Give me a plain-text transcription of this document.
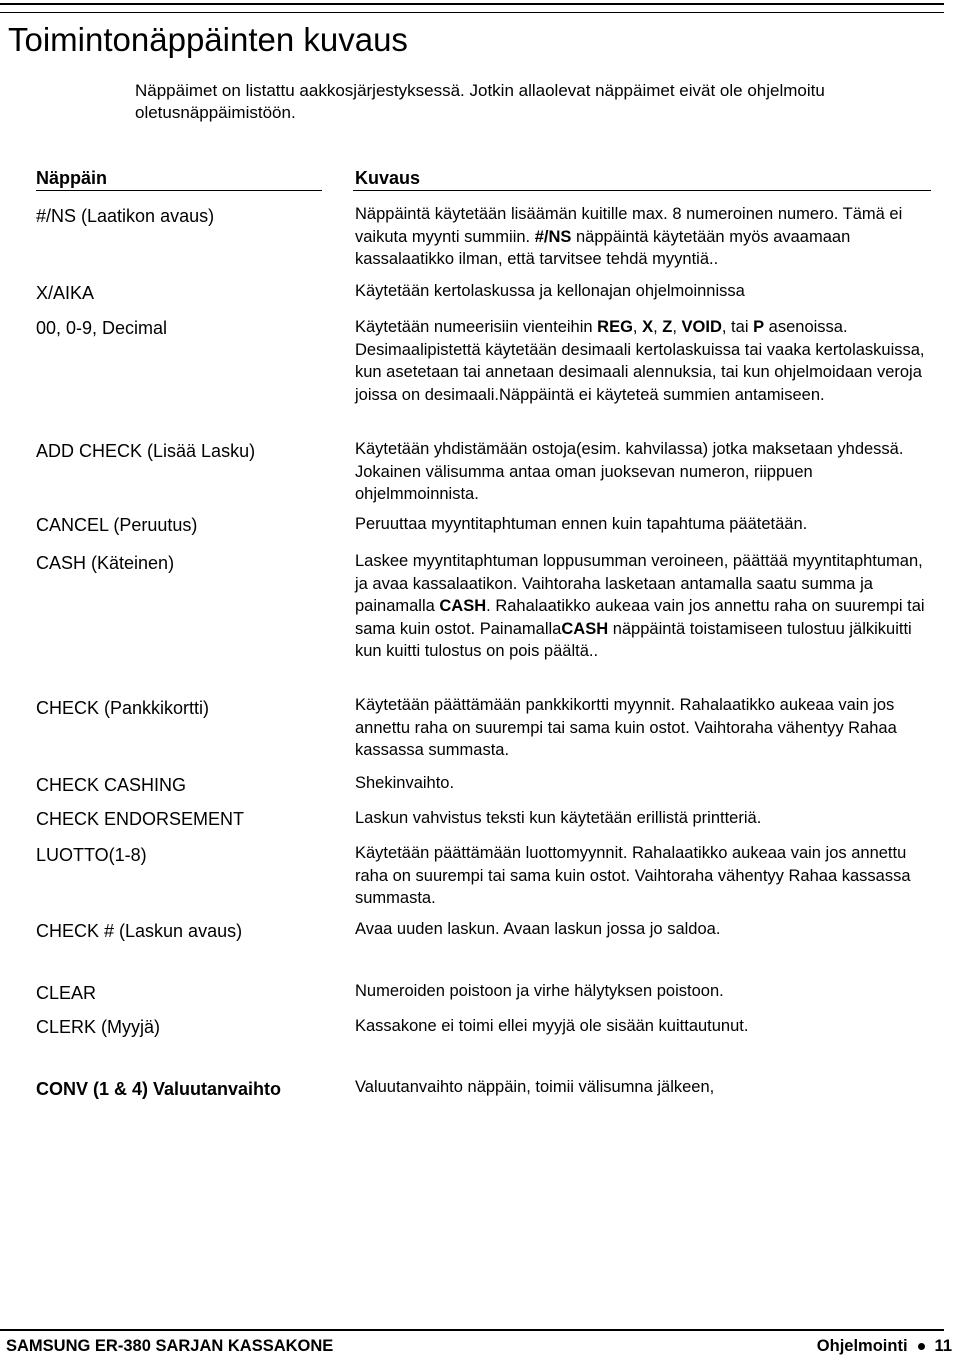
Toimintonäppäinten kuvaus

Näppäimet on listattu aakkosjärjestyksessä. Jotkin allaolevat näppäimet eivät ole ohjelmoitu oletusnäppäimistöön.

Näppäin	Kuvaus
#/NS (Laatikon avaus)	Näppäintä käytetään lisäämän kuitille max. 8 numeroinen numero. Tämä ei vaikuta myynti summiin. #/NS näppäintä käytetään myös avaamaan kassalaatikko ilman, että tarvitsee tehdä myyntiä..
X/AIKA	Käytetään kertolaskussa ja kellonajan ohjelmoinnissa
00, 0-9, Decimal	Käytetään numeerisiin vienteihin REG, X, Z, VOID, tai P asenoissa. Desimaalipistettä käytetään desimaali kertolaskuissa tai vaaka kertolaskuissa, kun asetetaan tai annetaan desimaali alennuksia, tai kun ohjelmoidaan veroja joissa on desimaali.Näppäintä ei käyteteä summien antamiseen.
ADD CHECK (Lisää Lasku)	Käytetään yhdistämään ostoja(esim. kahvilassa) jotka maksetaan yhdessä. Jokainen välisumma antaa oman juoksevan numeron, riippuen ohjelmmoinnista.
CANCEL (Peruutus)	Peruuttaa myyntitaphtuman ennen kuin tapahtuma päätetään.
CASH (Käteinen)	Laskee myyntitaphtuman loppusumman veroineen, päättää myyntitaphtuman, ja avaa kassalaatikon. Vaihtoraha lasketaan antamalla saatu summa ja painamalla CASH. Rahalaatikko aukeaa vain jos annettu raha on suurempi tai sama kuin ostot. PainamallaCASH näppäintä toistamiseen tulostuu jälkikuitti kun kuitti tulostus on pois päältä..
CHECK (Pankkikortti)	Käytetään päättämään pankkikortti myynnit. Rahalaatikko aukeaa vain jos annettu raha on suurempi tai sama kuin ostot. Vaihtoraha vähentyy Rahaa kassassa summasta.
CHECK CASHING	Shekinvaihto.
CHECK ENDORSEMENT	Laskun vahvistus teksti kun käytetään erillistä printteriä.
LUOTTO(1-8)	Käytetään päättämään luottomyynnit. Rahalaatikko aukeaa vain jos annettu raha on suurempi tai sama kuin ostot. Vaihtoraha vähentyy Rahaa kassassa summasta.
CHECK # (Laskun avaus)	Avaa uuden laskun. Avaan laskun jossa jo saldoa.
CLEAR	Numeroiden poistoon ja virhe hälytyksen poistoon.
CLERK (Myyjä)	Kassakone ei toimi ellei myyjä ole sisään kuittautunut.
CONV (1 & 4) Valuutanvaihto	Valuutanvaihto näppäin, toimii välisumna jälkeen,
SAMSUNG ER-380 SARJAN KASSAKONE	Ohjelmointi 11
